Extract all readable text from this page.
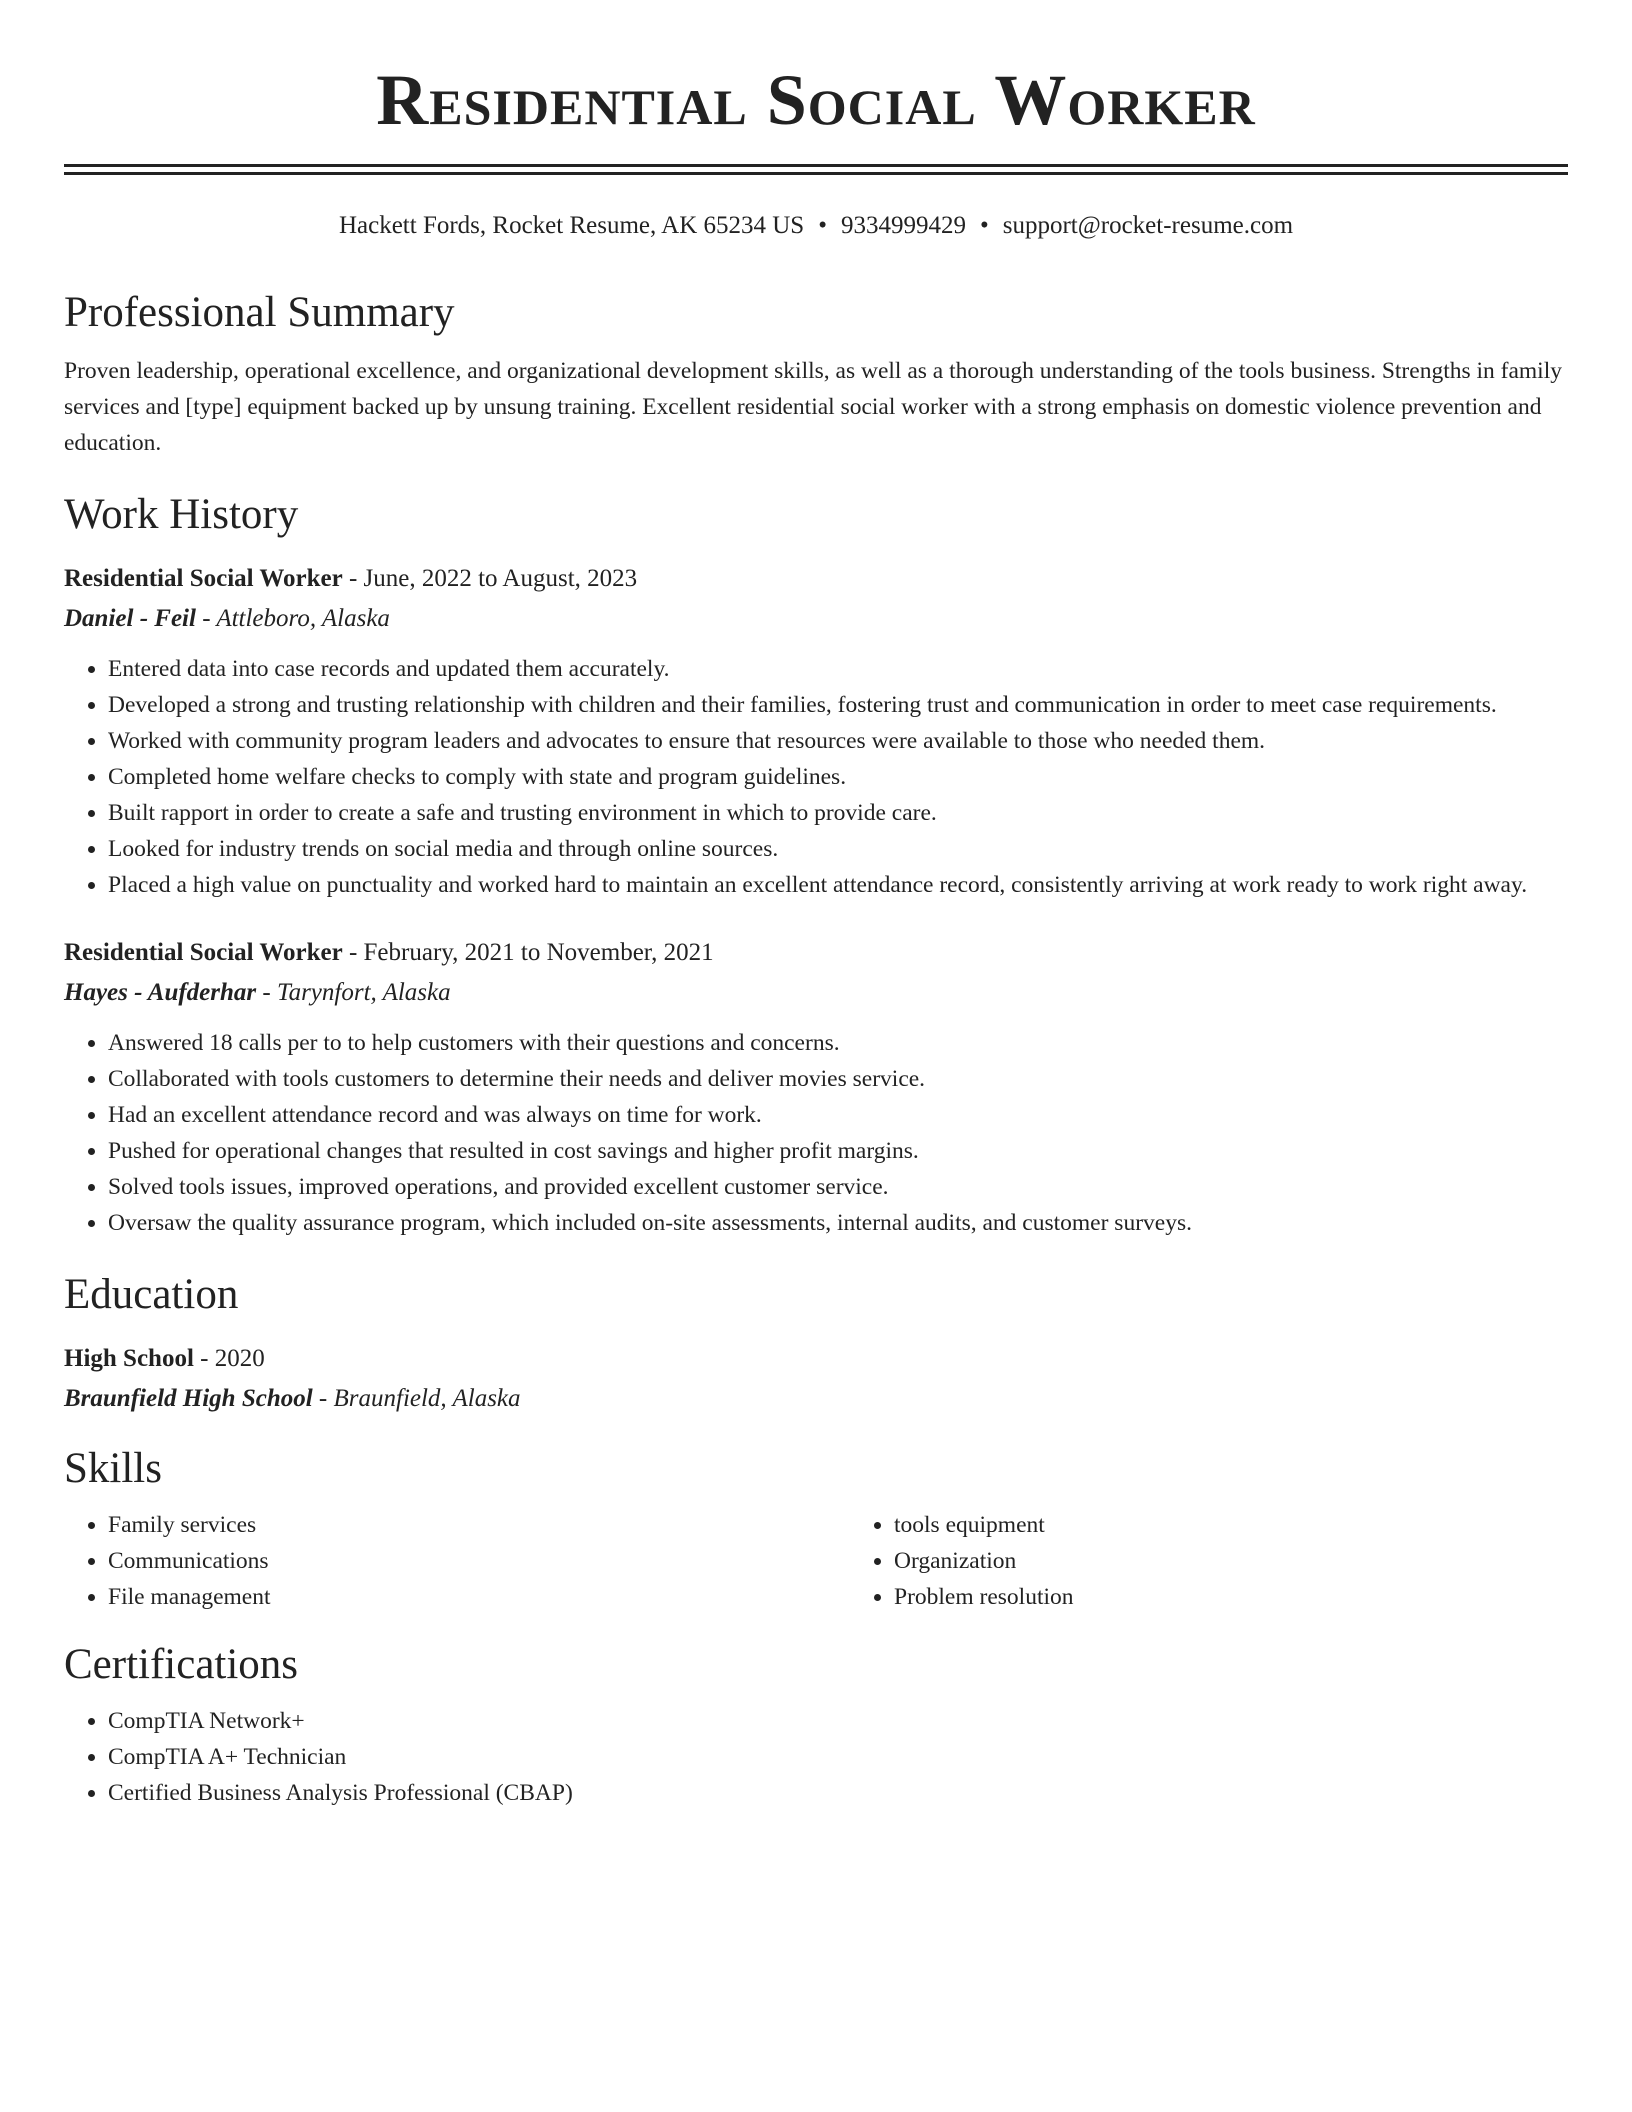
Residential Social Worker
Hackett Fords, Rocket Resume, AK 65234 US • 9334999429 • support@rocket-resume.com
Professional Summary

Proven leadership, operational excellence, and organizational development skills, as well as a thorough understanding of the tools business. Strengths in family services and [type] equipment backed up by unsung training. Excellent residential social worker with a strong emphasis on domestic violence prevention and education.

Work History
Residential Social Worker - June, 2022 to August, 2023
Daniel - Feil - Attleboro, Alaska
• Entered data into case records and updated them accurately.
• Developed a strong and trusting relationship with children and their families, fostering trust and communication in order to meet case requirements.
• Worked with community program leaders and advocates to ensure that resources were available to those who needed them.
• Completed home welfare checks to comply with state and program guidelines.
• Built rapport in order to create a safe and trusting environment in which to provide care.
• Looked for industry trends on social media and through online sources.
• Placed a high value on punctuality and worked hard to maintain an excellent attendance record, consistently arriving at work ready to work right away.
Residential Social Worker - February, 2021 to November, 2021
Hayes - Aufderhar - Tarynfort, Alaska
• Answered 18 calls per to to help customers with their questions and concerns.
• Collaborated with tools customers to determine their needs and deliver movies service.
• Had an excellent attendance record and was always on time for work.
• Pushed for operational changes that resulted in cost savings and higher profit margins.
• Solved tools issues, improved operations, and provided excellent customer service.
• Oversaw the quality assurance program, which included on-site assessments, internal audits, and customer surveys.
Education
High School - 2020
Braunfield High School - Braunfield, Alaska
Skills
• Family services
• Communications
• File management
• tools equipment
• Organization
• Problem resolution
Certifications
• CompTIA Network+
• CompTIA A+ Technician
• Certified Business Analysis Professional (CBAP)
